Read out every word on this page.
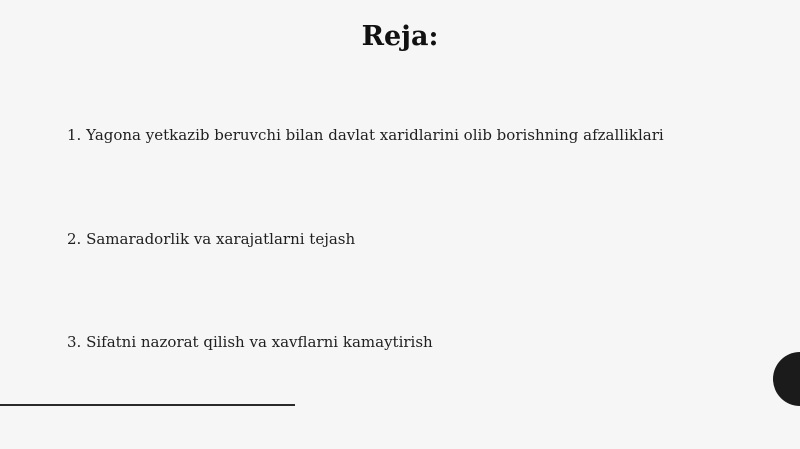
Reja:
1. Yagona yetkazib beruvchi bilan davlat xaridlarini olib borishning afzalliklari
2. Samaradorlik va xarajatlarni tejash
3. Sifatni nazorat qilish va xavflarni kamaytirish
